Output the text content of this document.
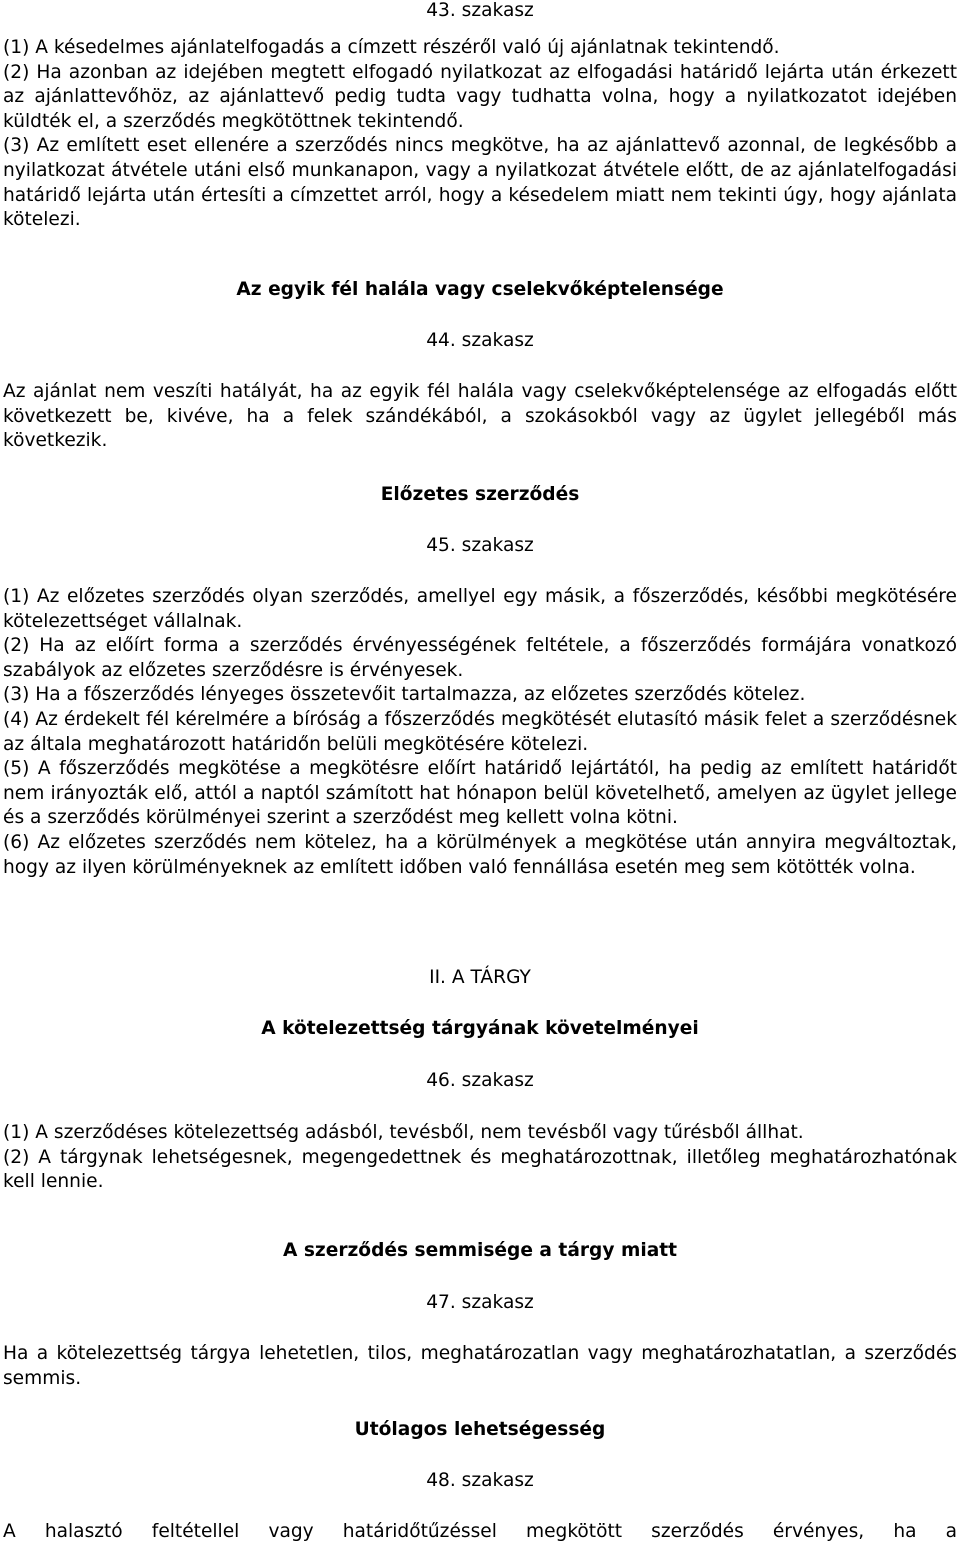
43. szakasz

(1) A késedelmes ajánlatelfogadás a címzett részéről való új ajánlatnak tekintendő.

(2) Ha azonban az idejében megtett elfogadó nyilatkozat az elfogadási határidő lejárta után érkezett az ajánlattevőhöz, az ajánlattevő pedig tudta vagy tudhatta volna, hogy a nyilatkozatot idejében küldték el, a szerződés megkötöttnek tekintendő.

(3) Az említett eset ellenére a szerződés nincs megkötve, ha az ajánlattevő azonnal, de legkésőbb a nyilatkozat átvétele utáni első munkanapon, vagy a nyilatkozat átvétele előtt, de az ajánlatelfogadási határidő lejárta után értesíti a címzettet arról, hogy a késedelem miatt nem tekinti úgy, hogy ajánlata kötelezi.

Az egyik fél halála vagy cselekvőképtelensége
44. szakasz

Az ajánlat nem veszíti hatályát, ha az egyik fél halála vagy cselekvőképtelensége az elfogadás előtt következett be, kivéve, ha a felek szándékából, a szokásokból vagy az ügylet jellegéből más következik.

Előzetes szerződés
45. szakasz

(1) Az előzetes szerződés olyan szerződés, amellyel egy másik, a főszerződés, későbbi megkötésére kötelezettséget vállalnak.

(2) Ha az előírt forma a szerződés érvényességének feltétele, a főszerződés formájára vonatkozó szabályok az előzetes szerződésre is érvényesek.

(3) Ha a főszerződés lényeges összetevőit tartalmazza, az előzetes szerződés kötelez.

(4) Az érdekelt fél kérelmére a bíróság a főszerződés megkötését elutasító másik felet a szerződésnek az általa meghatározott határidőn belüli megkötésére kötelezi.

(5) A főszerződés megkötése a megkötésre előírt határidő lejártától, ha pedig az említett határidőt nem irányozták elő, attól a naptól számított hat hónapon belül követelhető, amelyen az ügylet jellege és a szerződés körülményei szerint a szerződést meg kellett volna kötni.

(6) Az előzetes szerződés nem kötelez, ha a körülmények a megkötése után annyira megváltoztak, hogy az ilyen körülményeknek az említett időben való fennállása esetén meg sem kötötték volna.

II. A TÁRGY
A kötelezettség tárgyának követelményei
46. szakasz

(1) A szerződéses kötelezettség adásból, tevésből, nem tevésből vagy tűrésből állhat.

(2) A tárgynak lehetségesnek, megengedettnek és meghatározottnak, illetőleg meghatározhatónak kell lennie.

A szerződés semmisége a tárgy miatt
47. szakasz

Ha a kötelezettség tárgya lehetetlen, tilos, meghatározatlan vagy meghatározhatatlan, a szerződés semmis.

Utólagos lehetségesség
48. szakasz

A halasztó feltétellel vagy határidőtűzéssel megkötött szerződés érvényes, ha a
